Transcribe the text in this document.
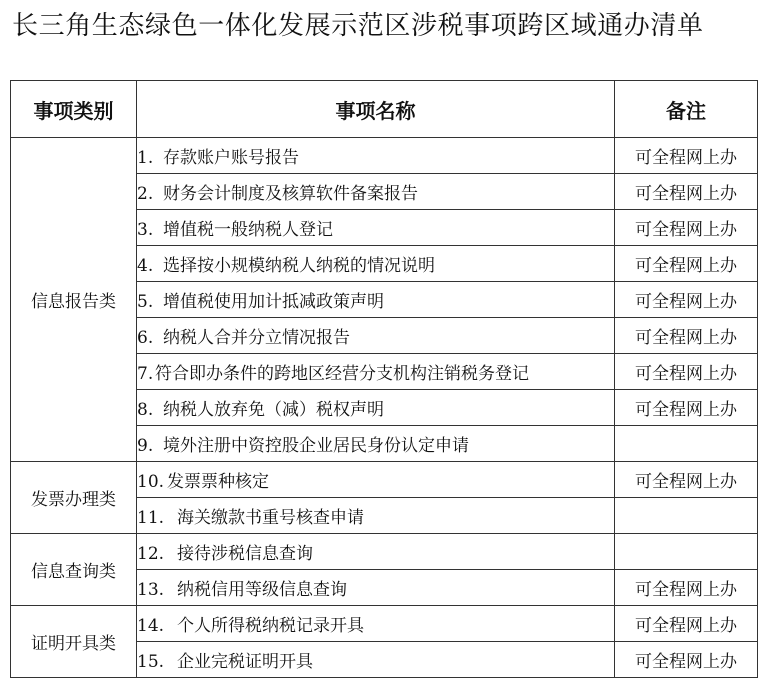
长三角生态绿色一体化发展示范区涉税事项跨区域通办清单
事项类别	事项名称	备注
信息报告类	1. 存款账户账号报告	可全程网上办
	2. 财务会计制度及核算软件备案报告	可全程网上办
	3. 增值税一般纳税人登记	可全程网上办
	4. 选择按小规模纳税人纳税的情况说明	可全程网上办
	5. 增值税使用加计抵减政策声明	可全程网上办
	6. 纳税人合并分立情况报告	可全程网上办
	7. 符合即办条件的跨地区经营分支机构注销税务登记	可全程网上办
	8. 纳税人放弃免（减）税权声明	可全程网上办
	9. 境外注册中资控股企业居民身份认定申请	
发票办理类	10. 发票票种核定	可全程网上办
	11. 海关缴款书重号核查申请	
信息查询类	12. 接待涉税信息查询	
	13. 纳税信用等级信息查询	可全程网上办
证明开具类	14. 个人所得税纳税记录开具	可全程网上办
	15. 企业完税证明开具	可全程网上办
